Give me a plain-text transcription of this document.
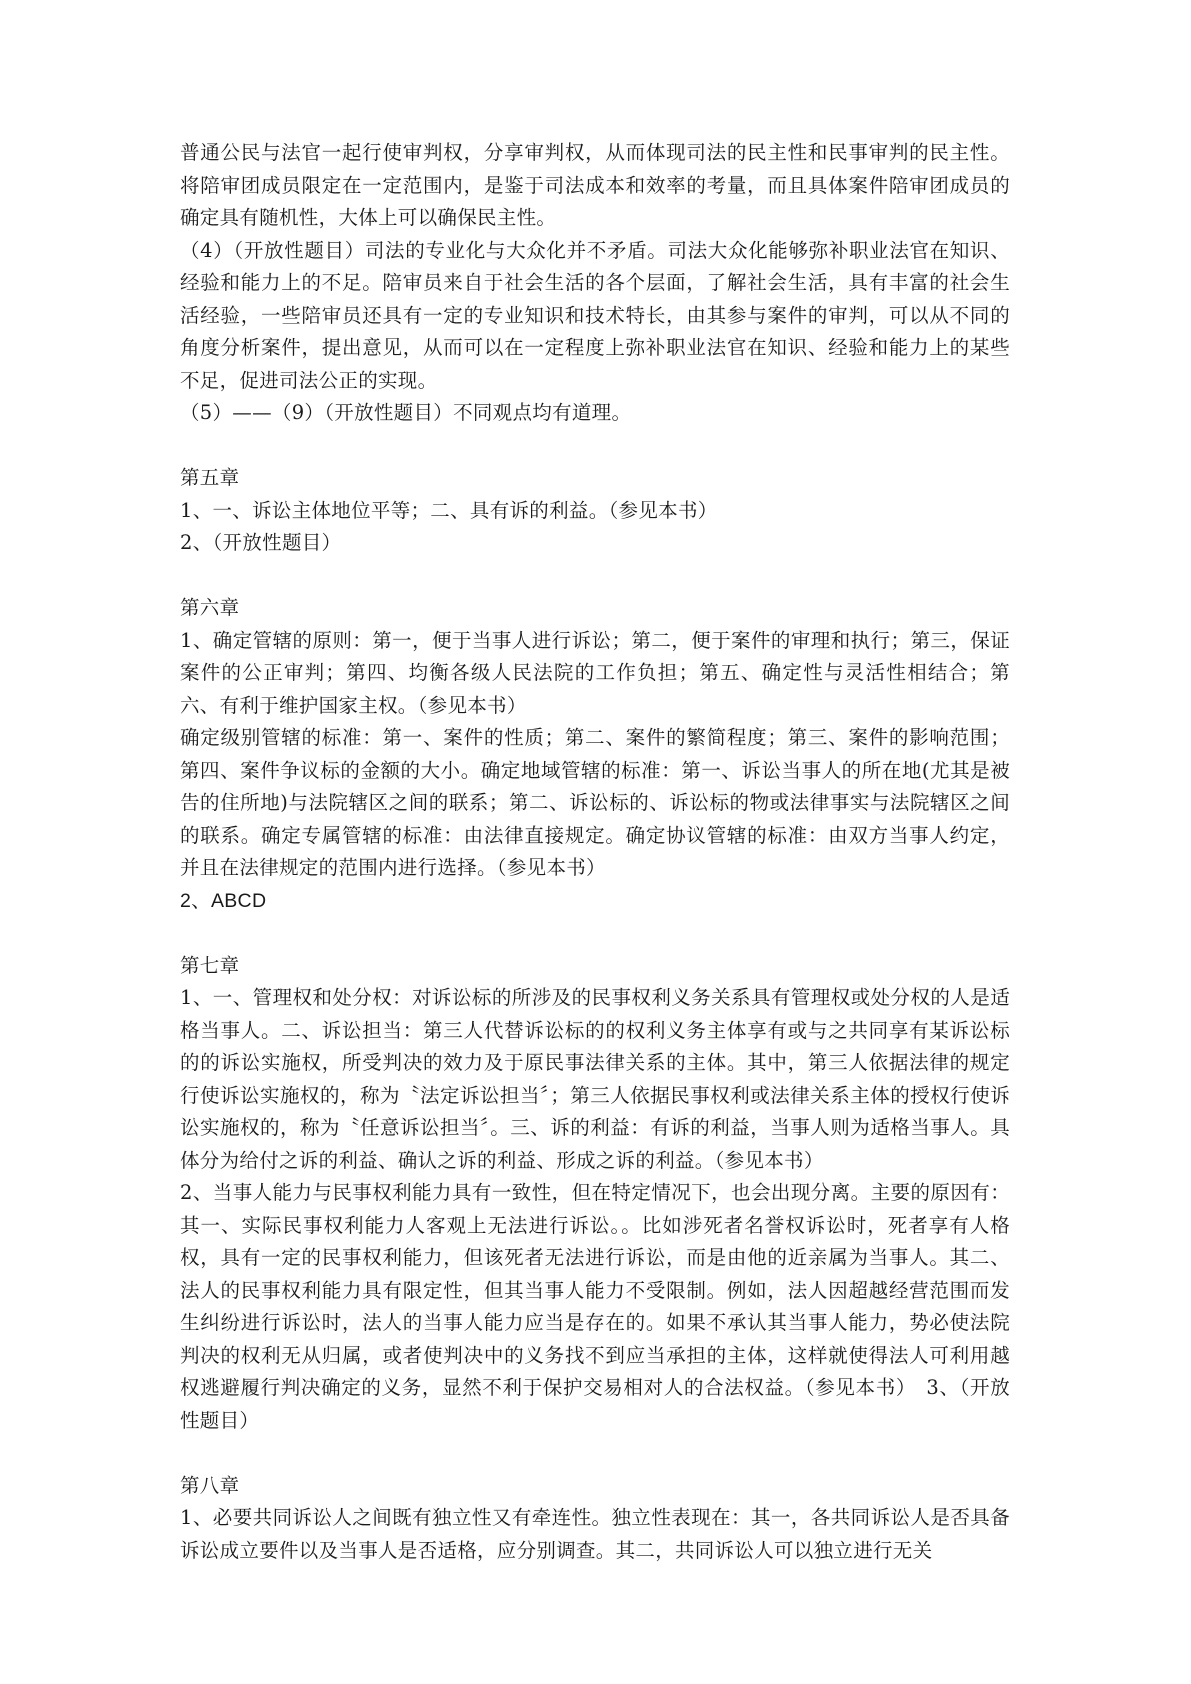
普通公民与法官一起行使审判权，分享审判权，从而体现司法的民主性和民事审判的民主性。将陪审团成员限定在一定范围内，是鉴于司法成本和效率的考量，而且具体案件陪审团成员的确定具有随机性，大体上可以确保民主性。

（4）（开放性题目）司法的专业化与大众化并不矛盾。司法大众化能够弥补职业法官在知识、经验和能力上的不足。陪审员来自于社会生活的各个层面，了解社会生活，具有丰富的社会生活经验，一些陪审员还具有一定的专业知识和技术特长，由其参与案件的审判，可以从不同的角度分析案件，提出意见，从而可以在一定程度上弥补职业法官在知识、经验和能力上的某些不足，促进司法公正的实现。

（5）——（9）（开放性题目）不同观点均有道理。

第五章

1、一、诉讼主体地位平等；二、具有诉的利益。（参见本书）

2、（开放性题目）

第六章

1、确定管辖的原则：第一，便于当事人进行诉讼；第二，便于案件的审理和执行；第三，保证案件的公正审判；第四、均衡各级人民法院的工作负担；第五、确定性与灵活性相结合；第六、有利于维护国家主权。（参见本书）

确定级别管辖的标准：第一、案件的性质；第二、案件的繁简程度；第三、案件的影响范围；第四、案件争议标的金额的大小。确定地域管辖的标准：第一、诉讼当事人的所在地(尤其是被告的住所地)与法院辖区之间的联系；第二、诉讼标的、诉讼标的物或法律事实与法院辖区之间的联系。确定专属管辖的标准：由法律直接规定。确定协议管辖的标准：由双方当事人约定，并且在法律规定的范围内进行选择。（参见本书）

2、ABCD

第七章

1、一、管理权和处分权：对诉讼标的所涉及的民事权利义务关系具有管理权或处分权的人是适格当事人。二、诉讼担当：第三人代替诉讼标的的权利义务主体享有或与之共同享有某诉讼标的的诉讼实施权，所受判决的效力及于原民事法律关系的主体。其中，第三人依据法律的规定行使诉讼实施权的，称为〝法定诉讼担当〞；第三人依据民事权利或法律关系主体的授权行使诉讼实施权的，称为〝任意诉讼担当〞。三、诉的利益：有诉的利益，当事人则为适格当事人。具体分为给付之诉的利益、确认之诉的利益、形成之诉的利益。（参见本书）

2、当事人能力与民事权利能力具有一致性，但在特定情况下，也会出现分离。主要的原因有：其一、实际民事权利能力人客观上无法进行诉讼。。比如涉死者名誉权诉讼时，死者享有人格权，具有一定的民事权利能力，但该死者无法进行诉讼，而是由他的近亲属为当事人。其二、法人的民事权利能力具有限定性，但其当事人能力不受限制。例如，法人因超越经营范围而发生纠纷进行诉讼时，法人的当事人能力应当是存在的。如果不承认其当事人能力，势必使法院判决的权利无从归属，或者使判决中的义务找不到应当承担的主体，这样就使得法人可利用越权逃避履行判决确定的义务，显然不利于保护交易相对人的合法权益。（参见本书）　3、（开放性题目）

第八章

1、必要共同诉讼人之间既有独立性又有牵连性。独立性表现在：其一，各共同诉讼人是否具备诉讼成立要件以及当事人是否适格，应分别调查。其二，共同诉讼人可以独立进行无关
